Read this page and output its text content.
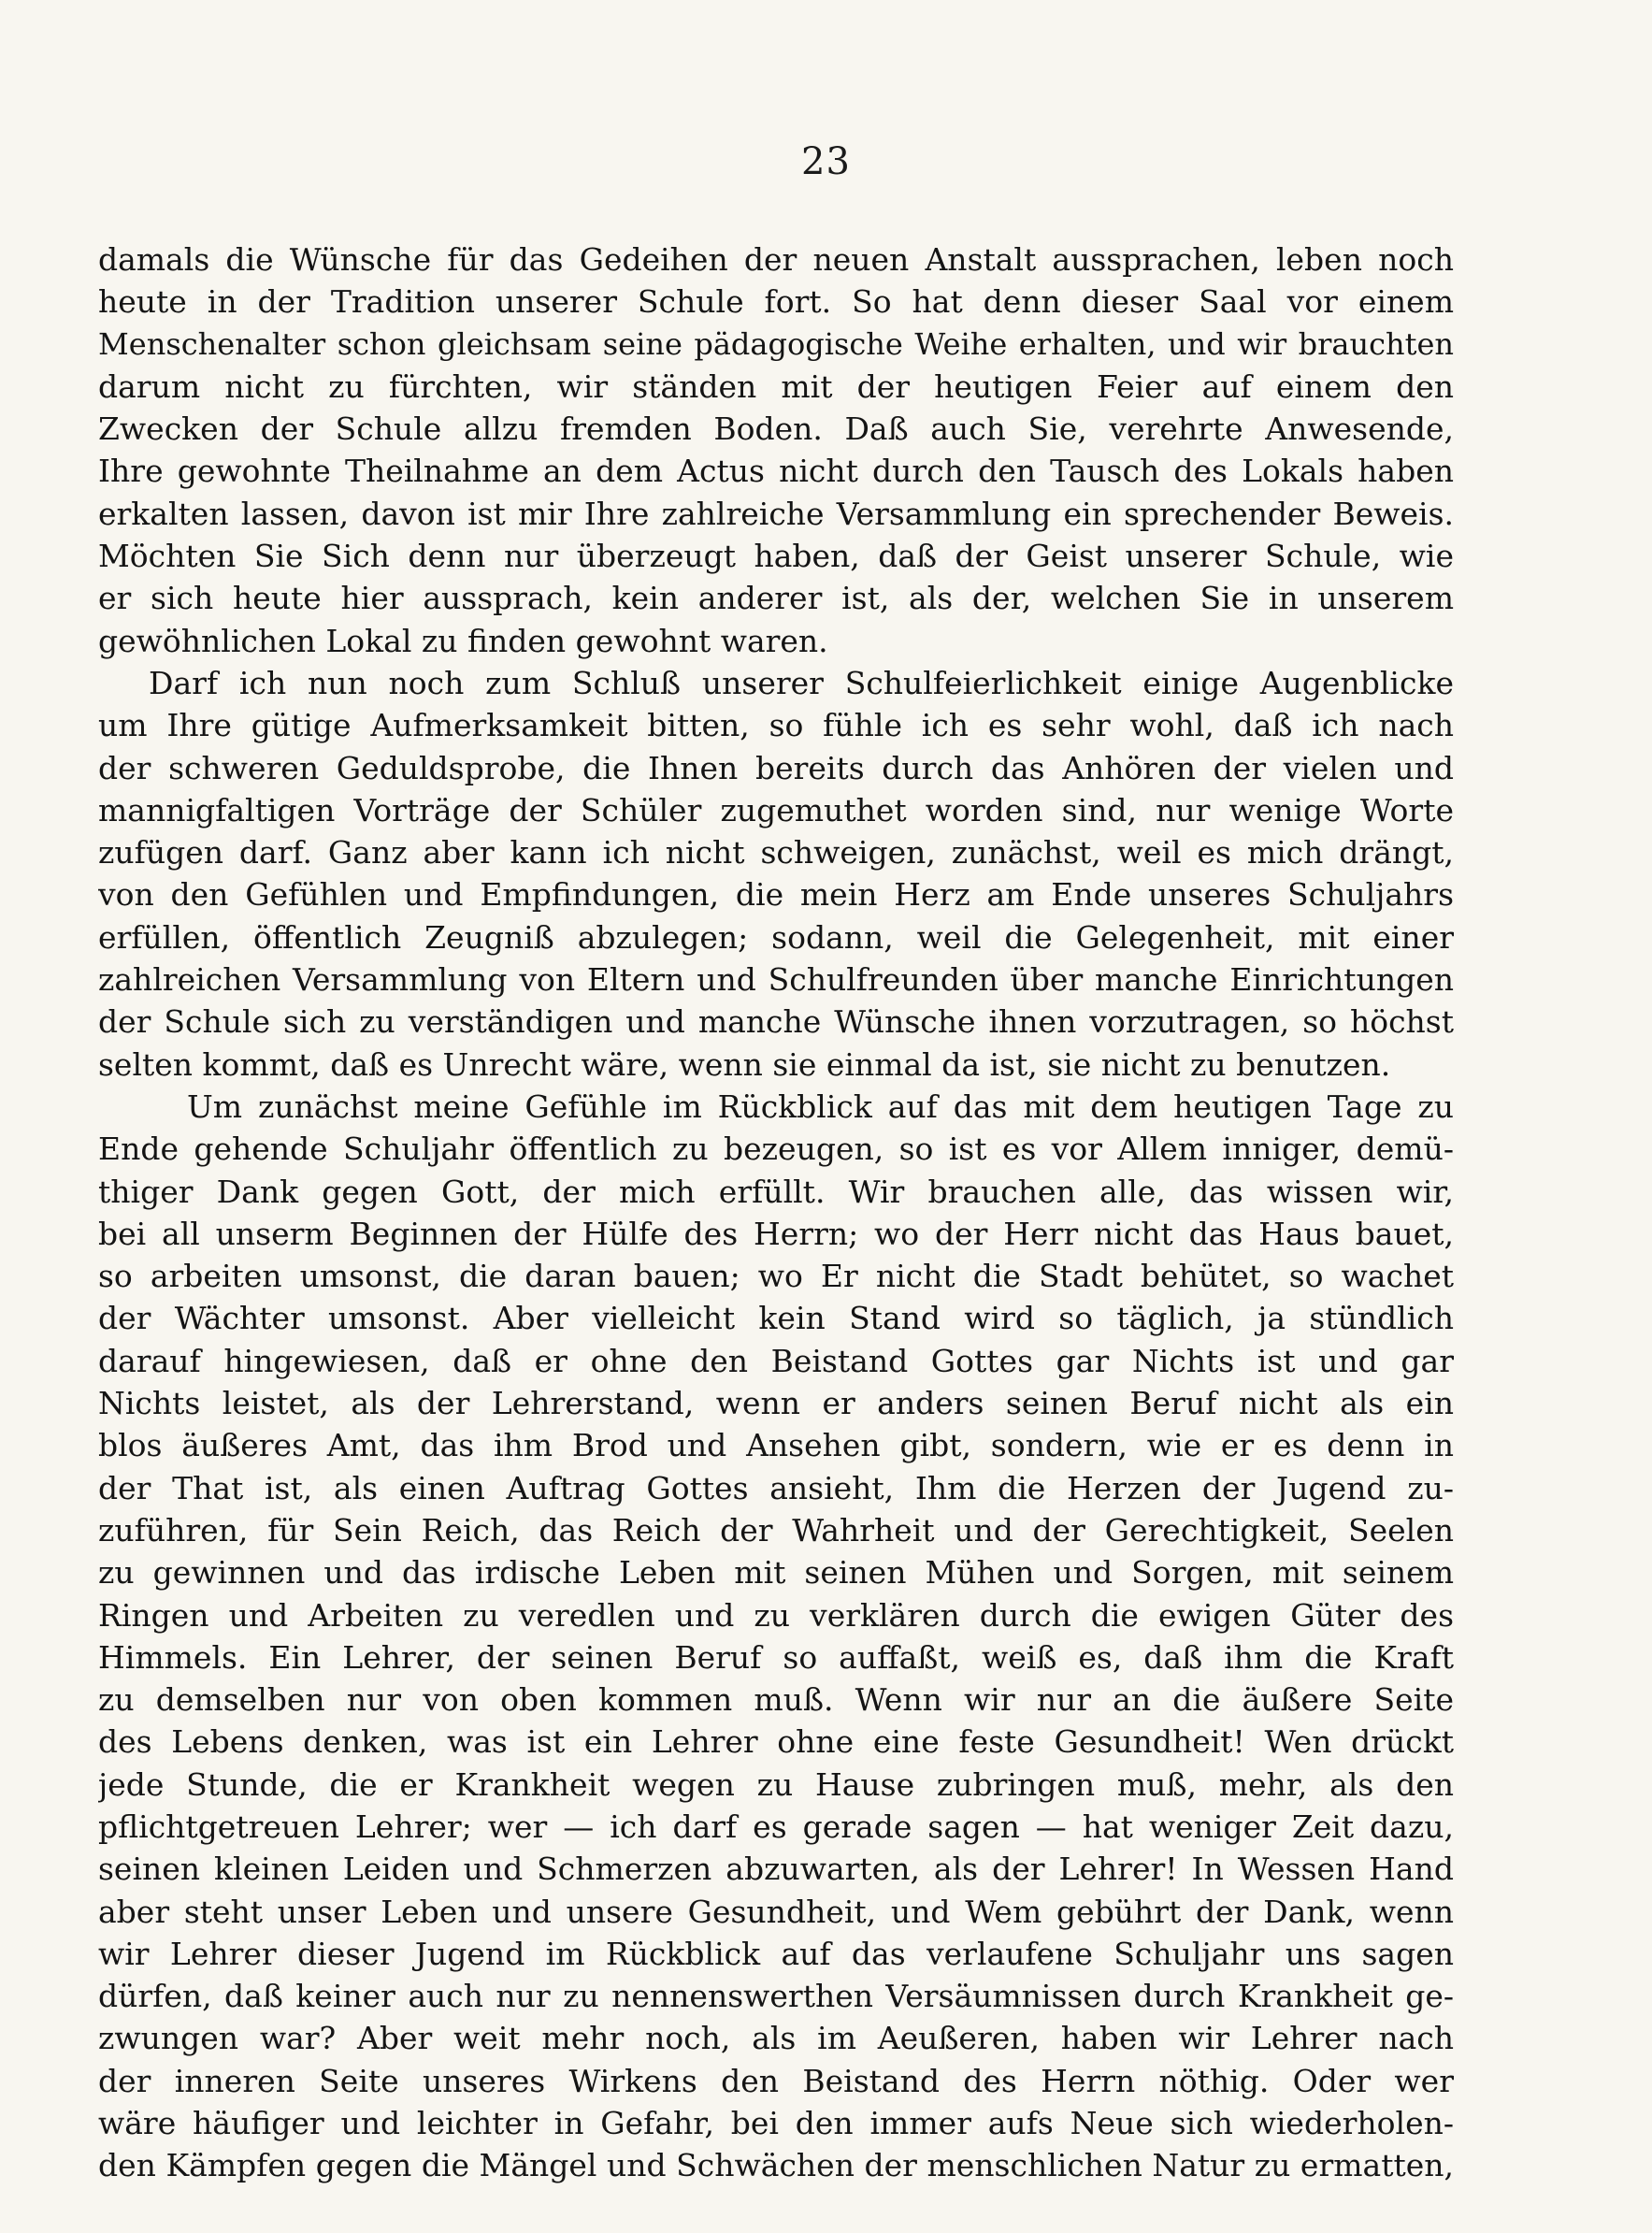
23
damals die Wünsche für das Gedeihen der neuen Anstalt aussprachen, leben noch
heute in der Tradition unserer Schule fort. So hat denn dieser Saal vor einem
Menschenalter schon gleichsam seine pädagogische Weihe erhalten, und wir brauchten
darum nicht zu fürchten, wir ständen mit der heutigen Feier auf einem den
Zwecken der Schule allzu fremden Boden. Daß auch Sie, verehrte Anwesende,
Ihre gewohnte Theilnahme an dem Actus nicht durch den Tausch des Lokals haben
erkalten lassen, davon ist mir Ihre zahlreiche Versammlung ein sprechender Beweis.
Möchten Sie Sich denn nur überzeugt haben, daß der Geist unserer Schule, wie
er sich heute hier aussprach, kein anderer ist, als der, welchen Sie in unserem
gewöhnlichen Lokal zu finden gewohnt waren.
Darf ich nun noch zum Schluß unserer Schulfeierlichkeit einige Augenblicke
um Ihre gütige Aufmerksamkeit bitten, so fühle ich es sehr wohl, daß ich nach
der schweren Geduldsprobe, die Ihnen bereits durch das Anhören der vielen und
mannigfaltigen Vorträge der Schüler zugemuthet worden sind, nur wenige Worte
zufügen darf. Ganz aber kann ich nicht schweigen, zunächst, weil es mich drängt,
von den Gefühlen und Empfindungen, die mein Herz am Ende unseres Schuljahrs
erfüllen, öffentlich Zeugniß abzulegen; sodann, weil die Gelegenheit, mit einer
zahlreichen Versammlung von Eltern und Schulfreunden über manche Einrichtungen
der Schule sich zu verständigen und manche Wünsche ihnen vorzutragen, so höchst
selten kommt, daß es Unrecht wäre, wenn sie einmal da ist, sie nicht zu benutzen.
Um zunächst meine Gefühle im Rückblick auf das mit dem heutigen Tage zu
Ende gehende Schuljahr öffentlich zu bezeugen, so ist es vor Allem inniger, demü-
thiger Dank gegen Gott, der mich erfüllt. Wir brauchen alle, das wissen wir,
bei all unserm Beginnen der Hülfe des Herrn; wo der Herr nicht das Haus bauet,
so arbeiten umsonst, die daran bauen; wo Er nicht die Stadt behütet, so wachet
der Wächter umsonst. Aber vielleicht kein Stand wird so täglich, ja stündlich
darauf hingewiesen, daß er ohne den Beistand Gottes gar Nichts ist und gar
Nichts leistet, als der Lehrerstand, wenn er anders seinen Beruf nicht als ein
blos äußeres Amt, das ihm Brod und Ansehen gibt, sondern, wie er es denn in
der That ist, als einen Auftrag Gottes ansieht, Ihm die Herzen der Jugend zu-
zuführen, für Sein Reich, das Reich der Wahrheit und der Gerechtigkeit, Seelen
zu gewinnen und das irdische Leben mit seinen Mühen und Sorgen, mit seinem
Ringen und Arbeiten zu veredlen und zu verklären durch die ewigen Güter des
Himmels. Ein Lehrer, der seinen Beruf so auffaßt, weiß es, daß ihm die Kraft
zu demselben nur von oben kommen muß. Wenn wir nur an die äußere Seite
des Lebens denken, was ist ein Lehrer ohne eine feste Gesundheit! Wen drückt
jede Stunde, die er Krankheit wegen zu Hause zubringen muß, mehr, als den
pflichtgetreuen Lehrer; wer — ich darf es gerade sagen — hat weniger Zeit dazu,
seinen kleinen Leiden und Schmerzen abzuwarten, als der Lehrer! In Wessen Hand
aber steht unser Leben und unsere Gesundheit, und Wem gebührt der Dank, wenn
wir Lehrer dieser Jugend im Rückblick auf das verlaufene Schuljahr uns sagen
dürfen, daß keiner auch nur zu nennenswerthen Versäumnissen durch Krankheit ge-
zwungen war? Aber weit mehr noch, als im Aeußeren, haben wir Lehrer nach
der inneren Seite unseres Wirkens den Beistand des Herrn nöthig. Oder wer
wäre häufiger und leichter in Gefahr, bei den immer aufs Neue sich wiederholen-
den Kämpfen gegen die Mängel und Schwächen der menschlichen Natur zu ermatten,
